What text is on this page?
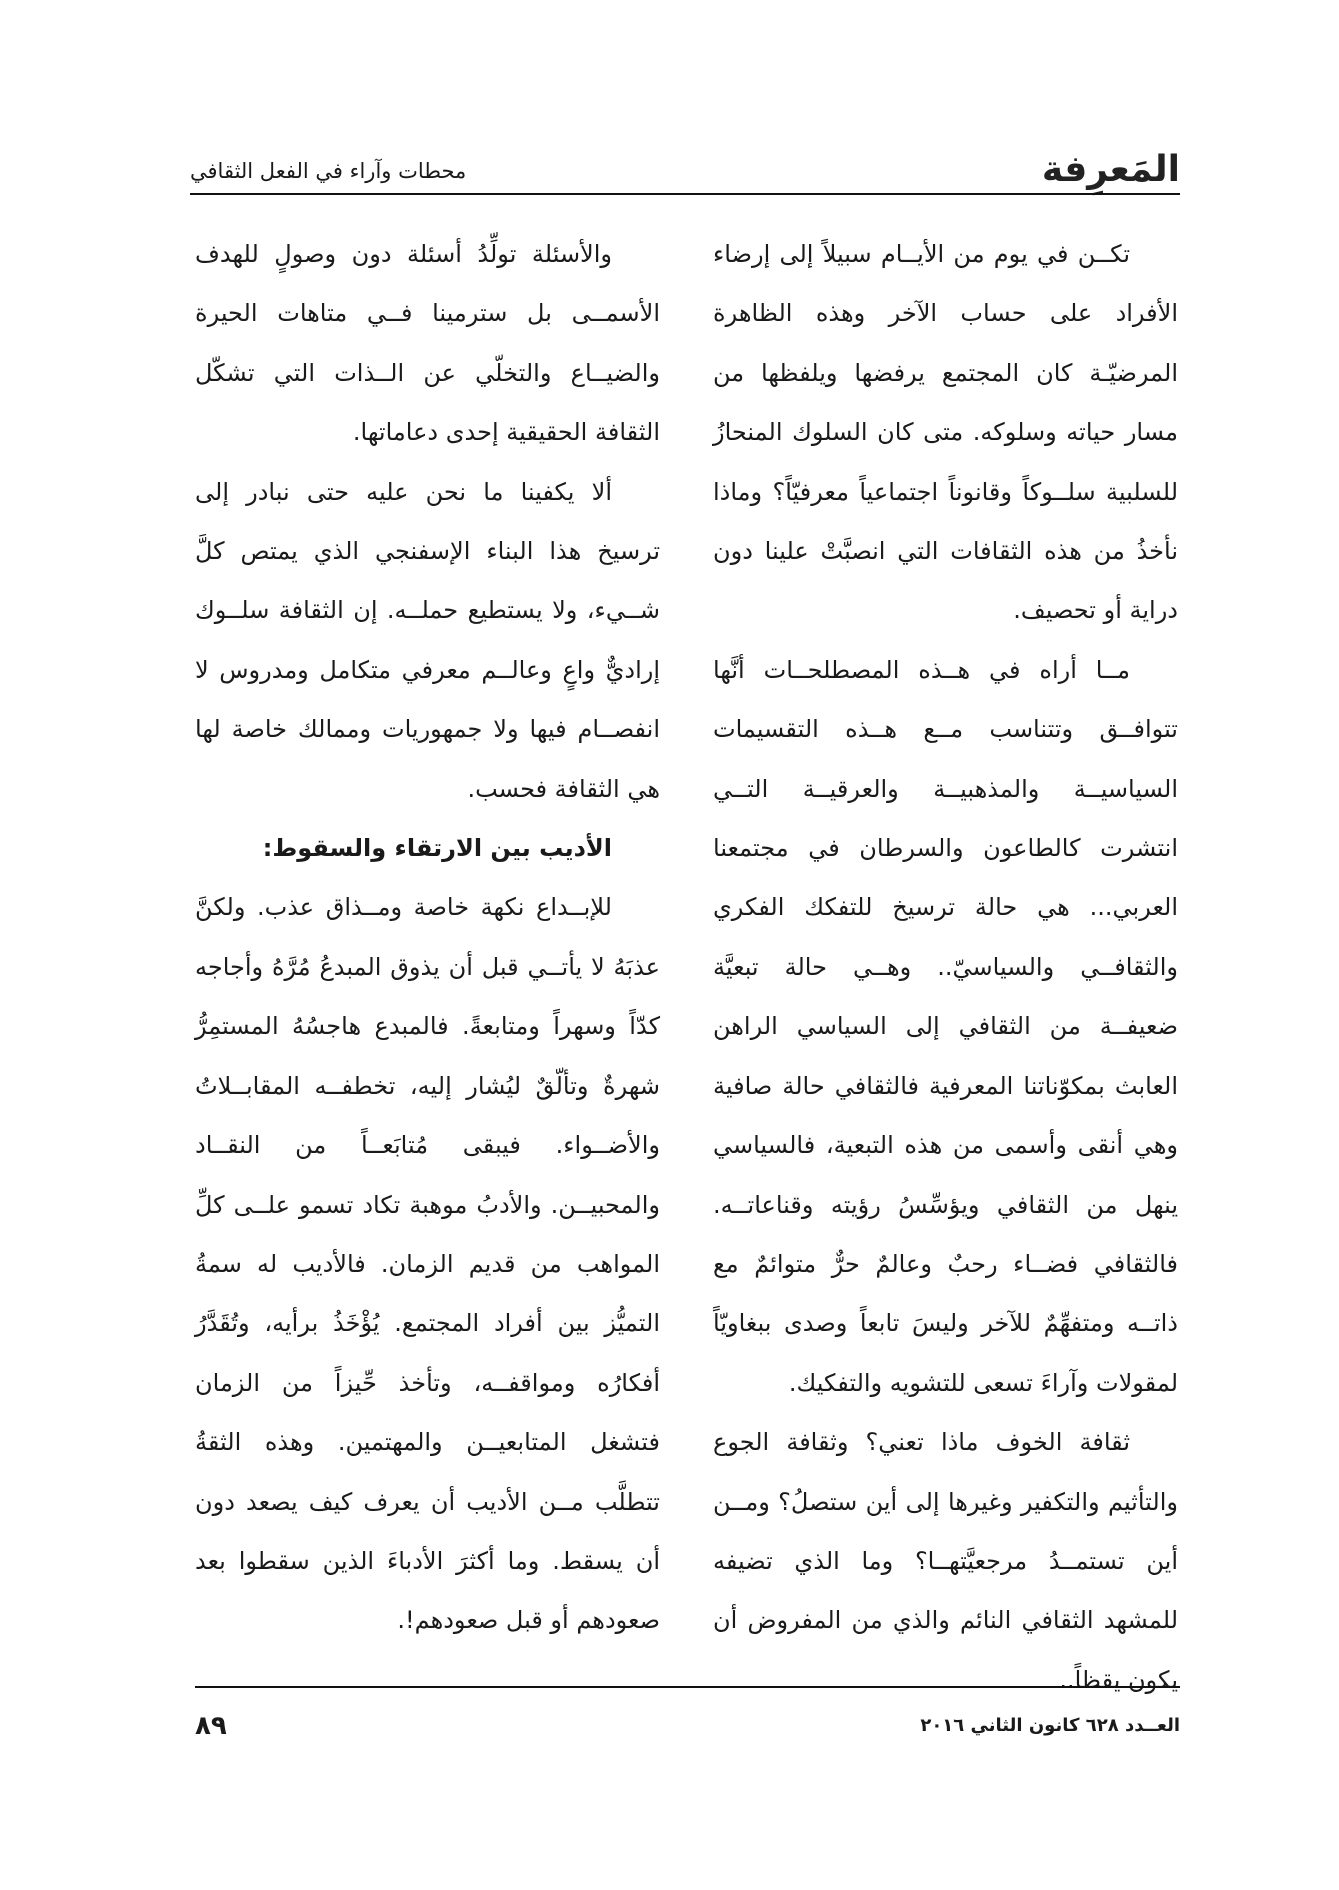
المَعرِفة
محطات وآراء في الفعل الثقافي

تكــن في يوم من الأيــام سبيلاً إلى إرضاء الأفراد على حساب الآخر وهذه الظاهرة المرضيّـة كان المجتمع يرفضها ويلفظها من مسار حياته وسلوكه. متى كان السلوك المنحازُ للسلبية سلــوكاً وقانوناً اجتماعياً معرفيّاً؟ وماذا نأخذُ من هذه الثقافات التي انصبَّتْ علينا دون دراية أو تحصيف.

مــا أراه في هــذه المصطلحــات أنَّها تتوافــق وتتناسب مــع هــذه التقسيمات السياسيــة والمذهبيــة والعرقيــة التــي انتشرت كالطاعون والسرطان في مجتمعنا العربي... هي حالة ترسيخ للتفكك الفكري والثقافــي والسياسيّ.. وهــي حالة تبعيَّة ضعيفــة من الثقافي إلى السياسي الراهن العابث بمكوّناتنا المعرفية فالثقافي حالة صافية وهي أنقى وأسمى من هذه التبعية، فالسياسي ينهل من الثقافي ويؤسِّسُ رؤيته وقناعاتــه. فالثقافي فضــاء رحبٌ وعالمٌ حرٌّ متوائمٌ مع ذاتــه ومتفهِّمٌ للآخر وليسَ تابعاً وصدى ببغاويّاً لمقولات وآراءَ تسعى للتشويه والتفكيك.

ثقافة الخوف ماذا تعني؟ وثقافة الجوع والتأثيم والتكفير وغيرها إلى أين ستصلُ؟ ومــن أين تستمــدُ مرجعيَّتهــا؟ وما الذي تضيفه للمشهد الثقافي النائم والذي من المفروض أن يكون يقظاً..

والأسئلة تولِّدُ أسئلة دون وصولٍ للهدف الأسمــى بل سترمينا فــي متاهات الحيرة والضيــاع والتخلّي عن الــذات التي تشكّل الثقافة الحقيقية إحدى دعاماتها.

ألا يكفينا ما نحن عليه حتى نبادر إلى ترسيخ هذا البناء الإسفنجي الذي يمتص كلَّ شــيء، ولا يستطيع حملــه. إن الثقافة سلــوك إراديٌّ واعٍ وعالــم معرفي متكامل ومدروس لا انفصــام فيها ولا جمهوريات وممالك خاصة لها هي الثقافة فحسب.

الأديب بين الارتقاء والسقوط:

للإبــداع نكهة خاصة ومــذاق عذب. ولكنَّ عذبَهُ لا يأتــي قبل أن يذوق المبدعُ مُرَّهُ وأجاجه كدّاً وسهراً ومتابعةً. فالمبدع هاجسُهُ المستمِرُّ شهرةٌ وتألّقٌ ليُشار إليه، تخطفــه المقابــلاتُ والأضــواء. فيبقى مُتابَعــاً من النقــاد والمحبيــن. والأدبُ موهبة تكاد تسمو علــى كلِّ المواهب من قديم الزمان. فالأديب له سمةُ التميُّز بين أفراد المجتمع. يُؤْخَذُ برأيه، وتُقَدَّرُ أفكارُه ومواقفــه، وتأخذ حِّيزاً من الزمان فتشغل المتابعيــن والمهتمين. وهذه الثقةُ تتطلَّب مــن الأديب أن يعرف كيف يصعد دون أن يسقط. وما أكثرَ الأدباءَ الذين سقطوا بعد صعودهم أو قبل صعودهم!.

العــدد ٦٢٨ كانون الثاني ٢٠١٦
٨٩
